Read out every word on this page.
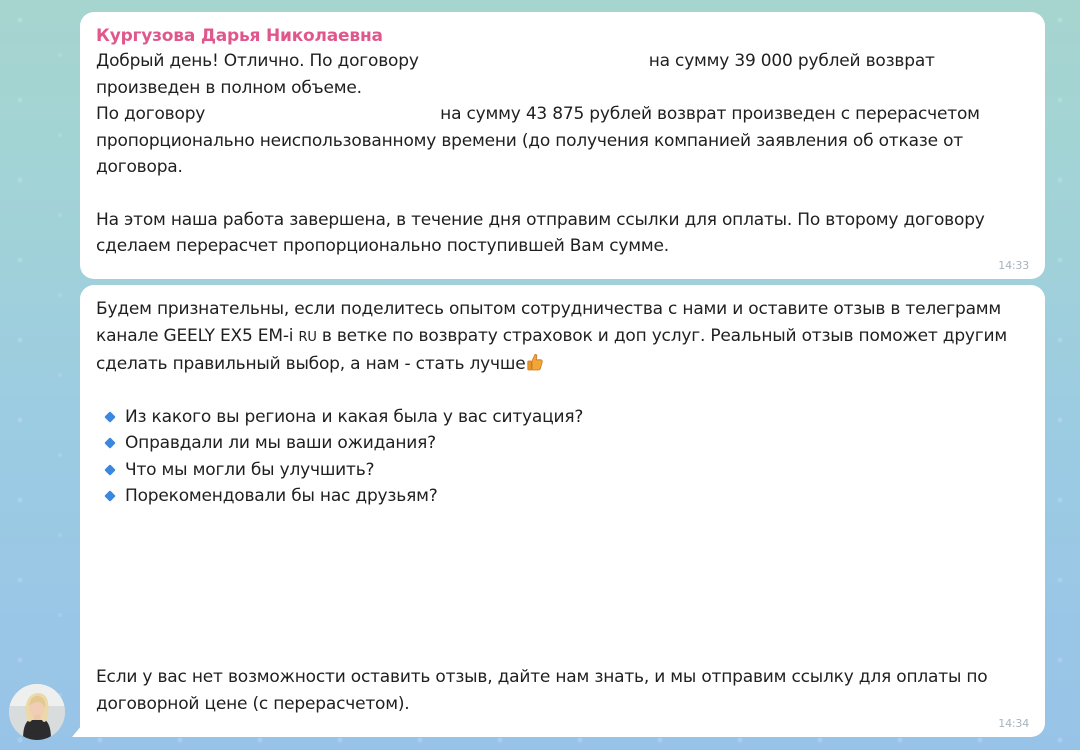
Кургузова Дарья Николаевна
Добрый день! Отлично. По договору	на сумму 39 000 рублей возврат
произведен в полном объеме.
По договору	на сумму 43 875 рублей возврат произведен с перерасчетом
пропорционально неиспользованному времени (до получения компанией заявления об отказе от
договора.
На этом наша работа завершена, в течение дня отправим ссылки для оплаты. По второму договору
сделаем перерасчет пропорционально поступившей Вам сумме.
14:33
Будем признательны, если поделитесь опытом сотрудничества с нами и оставите отзыв в телеграмм
канале GEELY EX5 EM-i RU в ветке по возврату страховок и доп услуг. Реальный отзыв поможет другим
сделать правильный выбор, а нам - стать лучше
Из какого вы региона и какая была у вас ситуация?
Оправдали ли мы ваши ожидания?
Что мы могли бы улучшить?
Порекомендовали бы нас друзьям?
Если у вас нет возможности оставить отзыв, дайте нам знать, и мы отправим ссылку для оплаты по
договорной цене (с перерасчетом).
14:34
